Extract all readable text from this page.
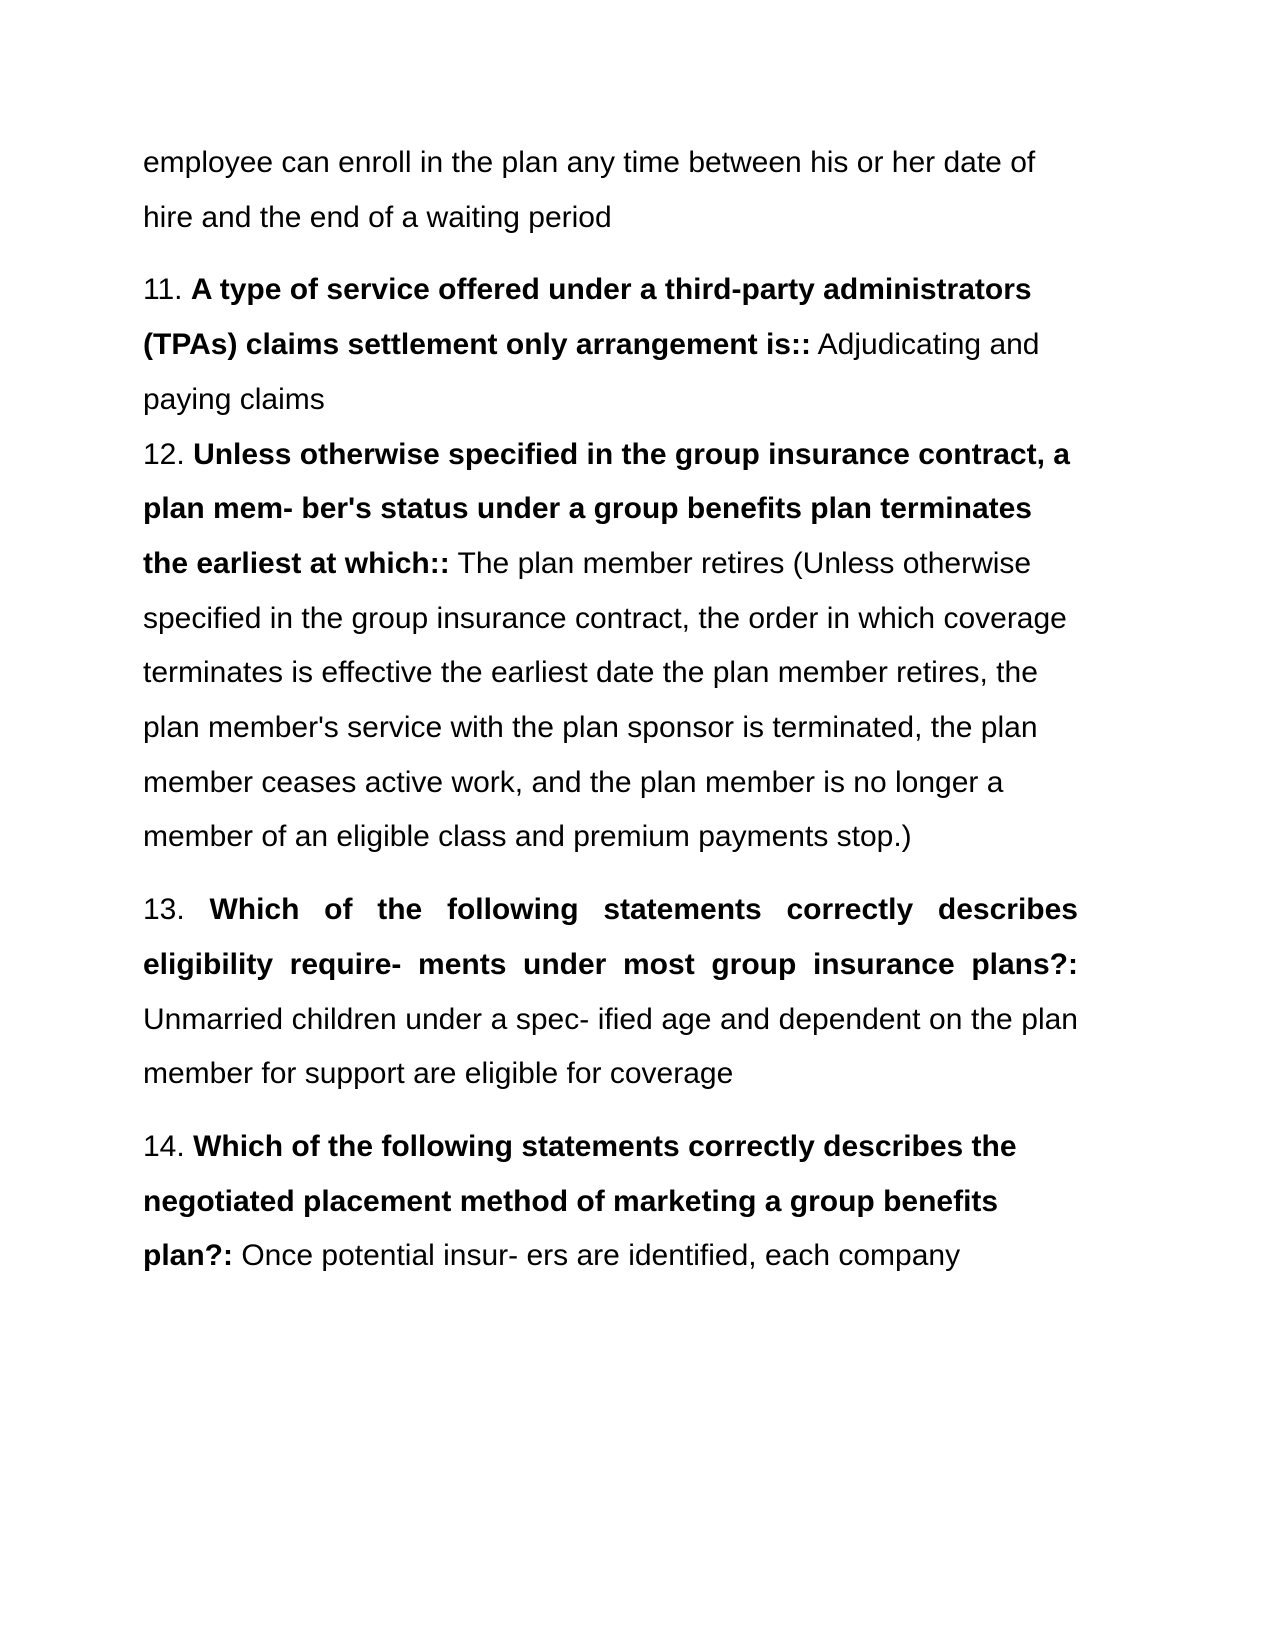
employee can enroll in the plan any time between his or her date of hire and the end of a waiting period

11. A type of service offered under a third-party administrators (TPAs) claims settlement only arrangement is:: Adjudicating and paying claims

12. Unless otherwise specified in the group insurance contract, a plan mem- ber's status under a group benefits plan terminates the earliest at which:: The plan member retires (Unless otherwise specified in the group insurance contract, the order in which coverage terminates is effective the earliest date the plan member retires, the plan member's service with the plan sponsor is terminated, the plan member ceases active work, and the plan member is no longer a member of an eligible class and premium payments stop.)

13. Which of the following statements correctly describes eligibility require- ments under most group insurance plans?: Unmarried children under a spec- ified age and dependent on the plan member for support are eligible for coverage

14. Which of the following statements correctly describes the negotiated placement method of marketing a group benefits plan?: Once potential insur- ers are identified, each company
